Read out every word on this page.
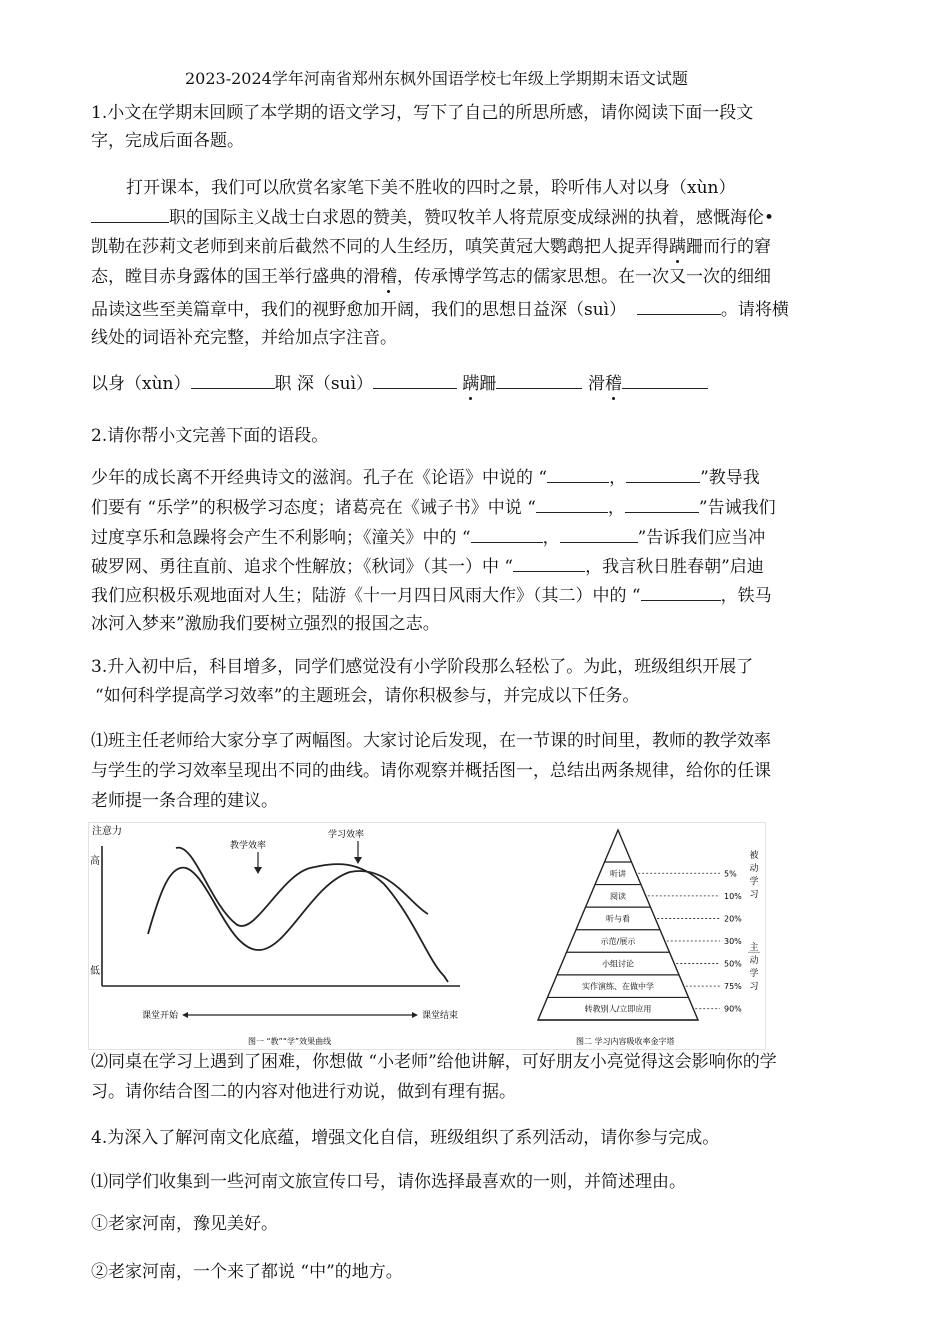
2023-2024学年河南省郑州东枫外国语学校七年级上学期期末语文试题
1.小文在学期末回顾了本学期的语文学习，写下了自己的所思所感，请你阅读下面一段文
字，完成后面各题。
打开课本，我们可以欣赏名家笔下美不胜收的四时之景，聆听伟人对以身（xùn）
职的国际主义战士白求恩的赞美，赞叹牧羊人将荒原变成绿洲的执着，感慨海伦•
凯勒在莎莉文老师到来前后截然不同的人生经历，嗔笑黄冠大鹦鹉把人捉弄得蹒跚而行的窘
态，瞠目赤身露体的国王举行盛典的滑稽，传承博学笃志的儒家思想。在一次又一次的细细
品读这些至美篇章中，我们的视野愈加开阔，我们的思想日益深（suì）	。请将横
线处的词语补充完整，并给加点字注音。
以身（xùn）	职 深（suì）	蹒跚	滑稽
2.请你帮小文完善下面的语段。
少年的成长离不开经典诗文的滋润。孔子在《论语》中说的 “	，	”教导我
们要有 “乐学”的积极学习态度；诸葛亮在《诫子书》中说 “	，	”告诫我们
过度享乐和急躁将会产生不利影响；《潼关》中的 “	，	”告诉我们应当冲
破罗网、勇往直前、追求个性解放；《秋词》（其一）中 “	，我言秋日胜春朝”启迪
我们应积极乐观地面对人生；陆游《十一月四日风雨大作》（其二）中的 “	，铁马
冰河入梦来”激励我们要树立强烈的报国之志。
3.升入初中后，科目增多，同学们感觉没有小学阶段那么轻松了。为此，班级组织开展了
“如何科学提高学习效率”的主题班会，请你积极参与，并完成以下任务。
⑴班主任老师给大家分享了两幅图。大家讨论后发现，在一节课的时间里，教师的教学效率
与学生的学习效率呈现出不同的曲线。请你观察并概括图一，总结出两条规律，给你的任课
老师提一条合理的建议。
注意力
高
低
教学效率
学习效率
课堂开始	课堂结束
图一 “教”“学”效果曲线
听讲	5%
阅读	10%
听与看	20%
示范/展示	30%
小组讨论	50%
实作演练、在做中学	75%
转教别人/立即应用	90%
被
动
学
习
主
动
学
习
图二 学习内容吸收率金字塔
⑵同桌在学习上遇到了困难，你想做 “小老师”给他讲解，可好朋友小亮觉得这会影响你的学
习。请你结合图二的内容对他进行劝说，做到有理有据。
4.为深入了解河南文化底蕴，增强文化自信，班级组织了系列活动，请你参与完成。
⑴同学们收集到一些河南文旅宣传口号，请你选择最喜欢的一则，并简述理由。
①老家河南，豫见美好。
②老家河南，一个来了都说 “中”的地方。
